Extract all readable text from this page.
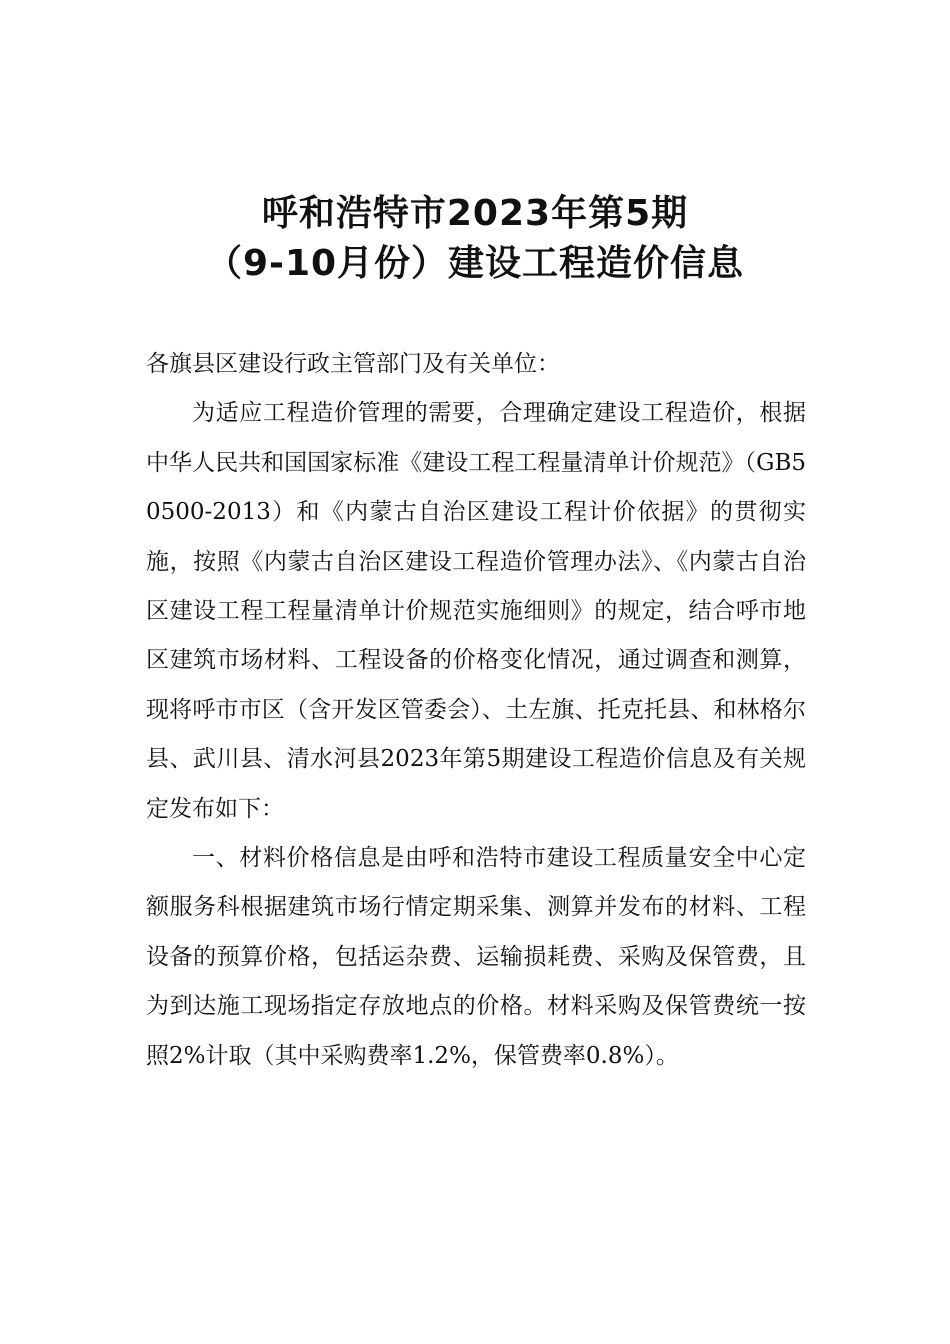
呼和浩特市2023年第5期
（9-10月份）建设工程造价信息

各旗县区建设行政主管部门及有关单位：

为适应工程造价管理的需要，合理确定建设工程造价，根据中华人民共和国国家标准《建设工程工程量清单计价规范》（GB50500-2013）和《内蒙古自治区建设工程计价依据》的贯彻实施，按照《内蒙古自治区建设工程造价管理办法》、《内蒙古自治区建设工程工程量清单计价规范实施细则》的规定，结合呼市地区建筑市场材料、工程设备的价格变化情况，通过调查和测算，现将呼市市区（含开发区管委会）、土左旗、托克托县、和林格尔县、武川县、清水河县2023年第5期建设工程造价信息及有关规定发布如下：

一、材料价格信息是由呼和浩特市建设工程质量安全中心定额服务科根据建筑市场行情定期采集、测算并发布的材料、工程设备的预算价格，包括运杂费、运输损耗费、采购及保管费，且为到达施工现场指定存放地点的价格。材料采购及保管费统一按照2%计取（其中采购费率1.2%，保管费率0.8%）。
